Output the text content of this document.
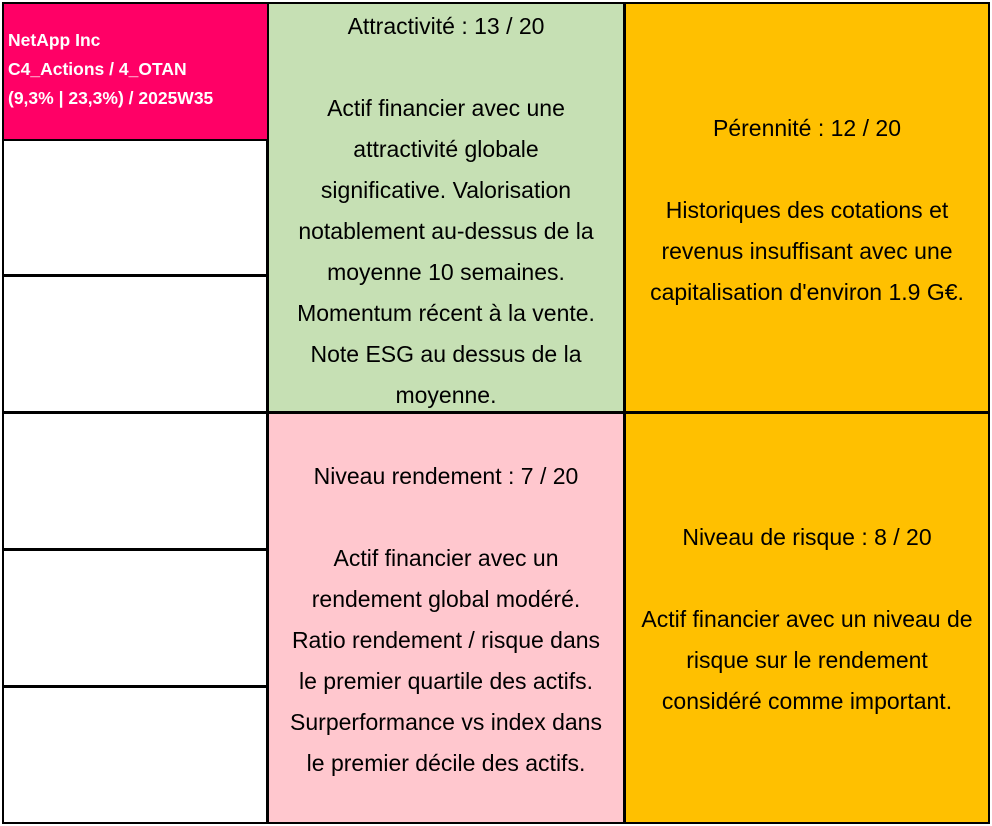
NetApp Inc
C4_Actions / 4_OTAN
(9,3% | 23,3%) / 2025W35
Attractivité : 13 / 20
Actif financier avec une
attractivité globale
significative. Valorisation
notablement au-dessus de la
moyenne 10 semaines.
Momentum récent à la vente.
Note ESG au dessus de la
moyenne.
Pérennité : 12 / 20
Historiques des cotations et
revenus insuffisant avec une
capitalisation d'environ 1.9 G€.
Niveau rendement : 7 / 20
Actif financier avec un
rendement global modéré.
Ratio rendement / risque dans
le premier quartile des actifs.
Surperformance vs index dans
le premier décile des actifs.
Niveau de risque : 8 / 20
Actif financier avec un niveau de
risque sur le rendement
considéré comme important.
